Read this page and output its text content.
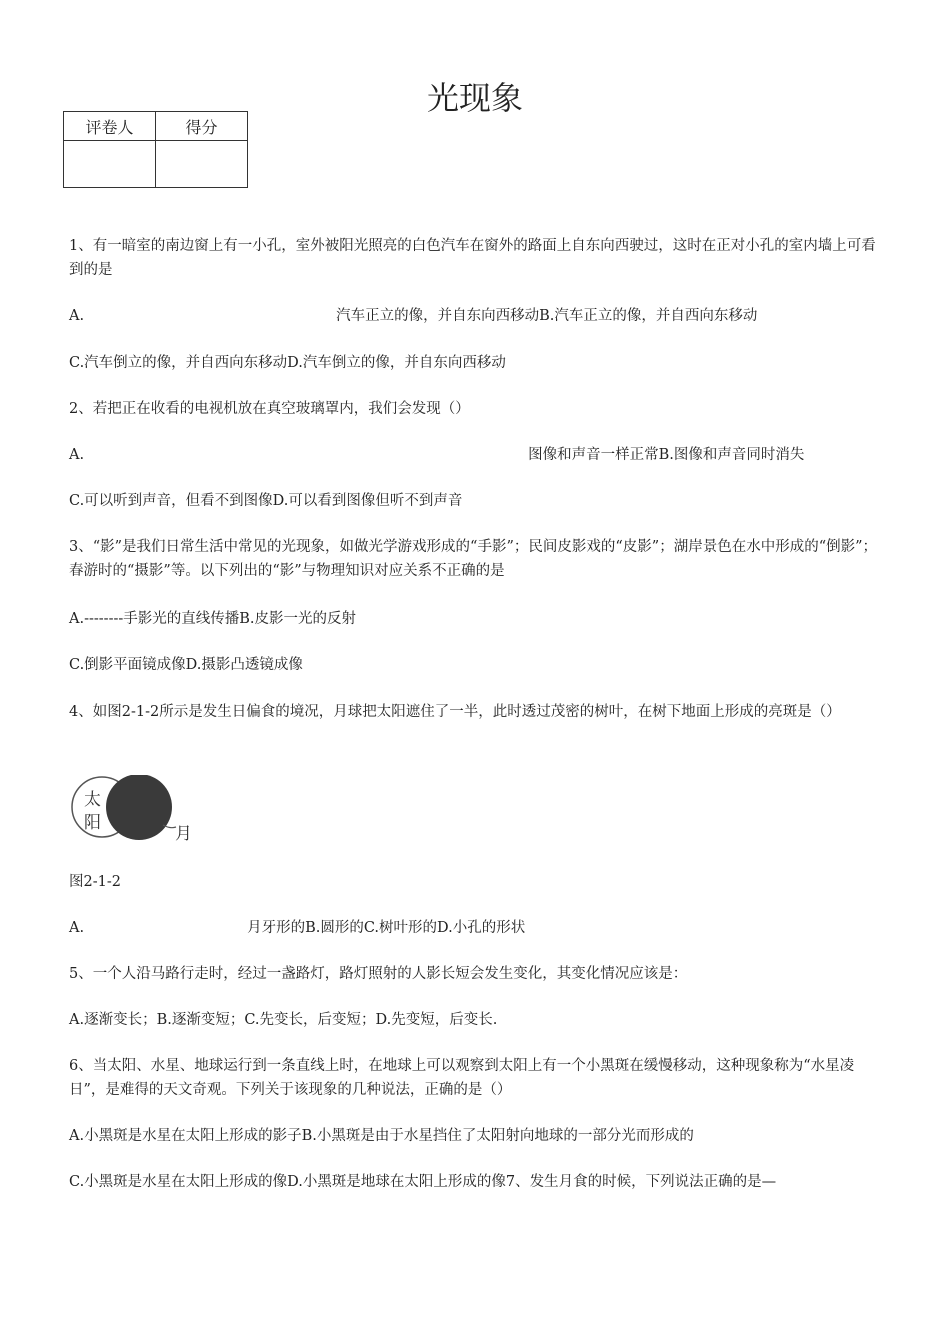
光现象
评卷人	得分

1、有一暗室的南边窗上有一小孔，室外被阳光照亮的白色汽车在窗外的路面上自东向西驶过，这时在正对小孔的室内墙上可看到的是

A.	汽车正立的像，并自东向西移动B.汽车正立的像，并自西向东移动

C.汽车倒立的像，并自西向东移动D.汽车倒立的像，并自东向西移动

2、若把正在收看的电视机放在真空玻璃罩内，我们会发现（）

A.	图像和声音一样正常B.图像和声音同时消失

C.可以听到声音，但看不到图像D.可以看到图像但听不到声音

3、“影”是我们日常生活中常见的光现象，如做光学游戏形成的“手影”；民间皮影戏的“皮影”；湖岸景色在水中形成的“倒影”；春游时的“摄影”等。以下列出的“影”与物理知识对应关系不正确的是

A.--------手影光的直线传播B.皮影一光的反射

C.倒影平面镜成像D.摄影凸透镜成像

4、如图2-1-2所示是发生日偏食的境况，月球把太阳遮住了一半，此时透过茂密的树叶，在树下地面上形成的亮斑是（）

太
阳
月

图2-1-2

A.	月牙形的B.圆形的C.树叶形的D.小孔的形状

5、一个人沿马路行走时，经过一盏路灯，路灯照射的人影长短会发生变化，其变化情况应该是：

A.逐渐变长；B.逐渐变短；C.先变长，后变短；D.先变短，后变长.

6、当太阳、水星、地球运行到一条直线上时，在地球上可以观察到太阳上有一个小黑斑在缓慢移动，这种现象称为“水星凌日”，是难得的天文奇观。下列关于该现象的几种说法，正确的是（）

A.小黑斑是水星在太阳上形成的影子B.小黑斑是由于水星挡住了太阳射向地球的一部分光而形成的

C.小黑斑是水星在太阳上形成的像D.小黑斑是地球在太阳上形成的像7、发生月食的时候，下列说法正确的是—
